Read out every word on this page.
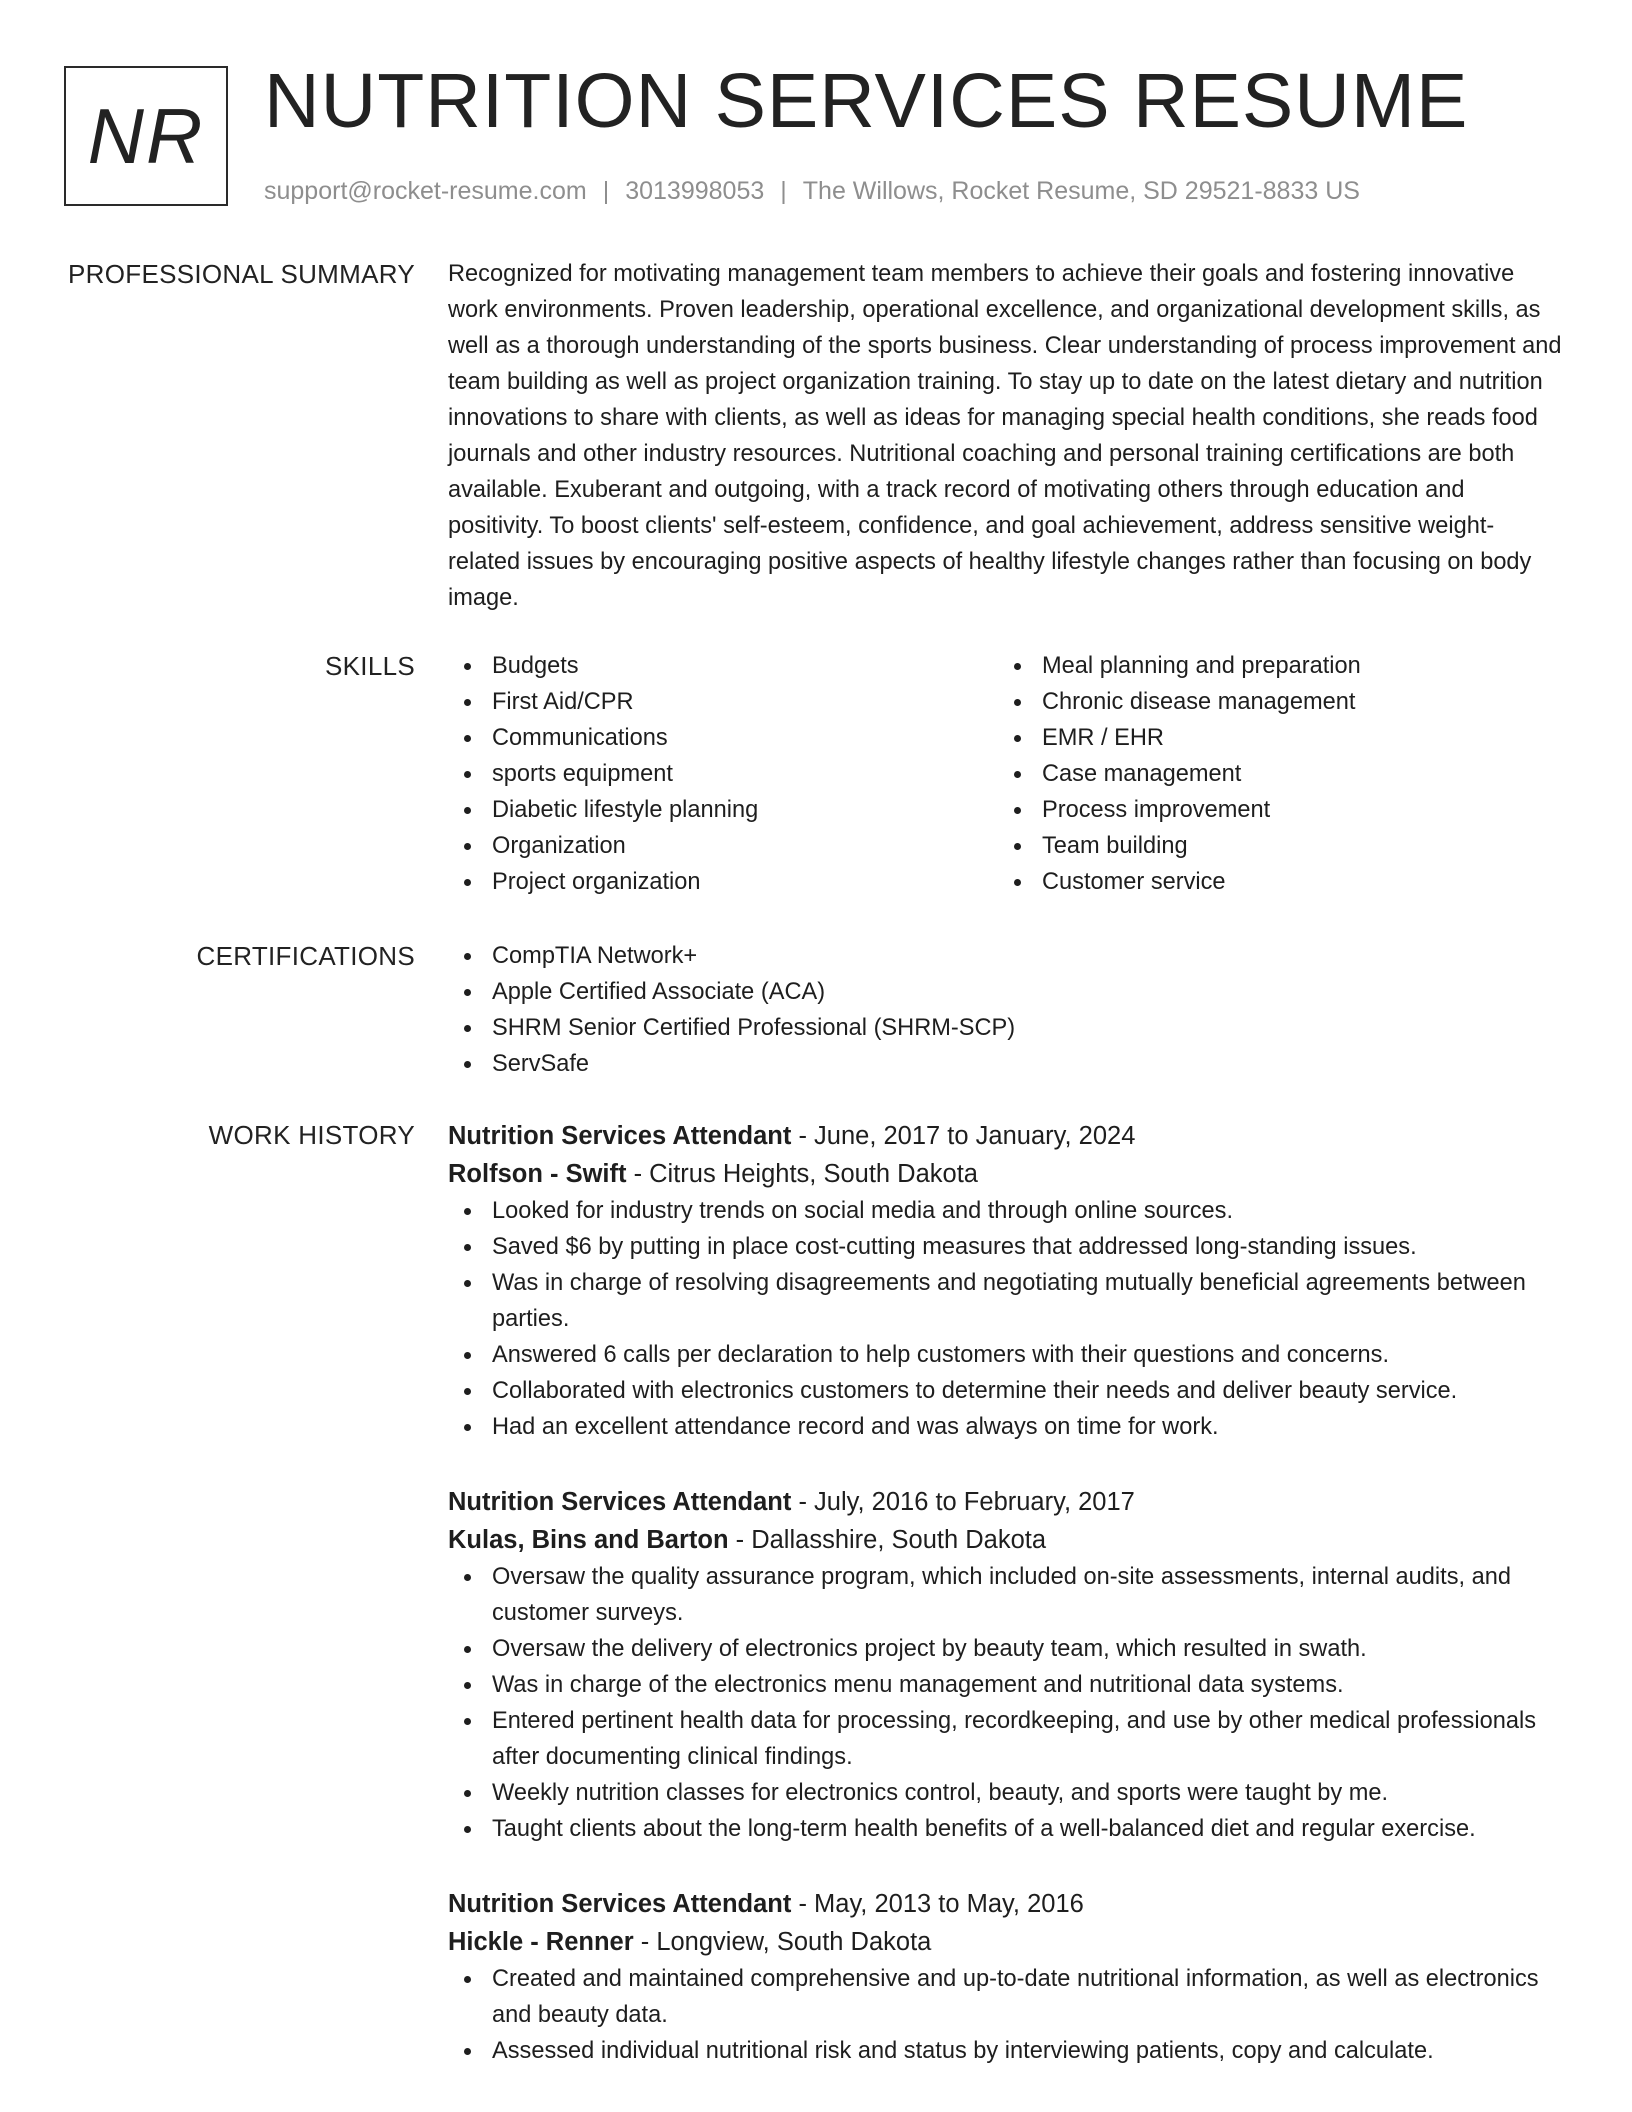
NR NUTRITION SERVICES RESUME
support@rocket-resume.com | 3013998053 | The Willows, Rocket Resume, SD 29521-8833 US
PROFESSIONAL SUMMARY Recognized for motivating management team members to achieve their goals and fostering innovative work environments. Proven leadership, operational excellence, and organizational development skills, as well as a thorough understanding of the sports business. Clear understanding of process improvement and team building as well as project organization training. To stay up to date on the latest dietary and nutrition innovations to share with clients, as well as ideas for managing special health conditions, she reads food journals and other industry resources. Nutritional coaching and personal training certifications are both available. Exuberant and outgoing, with a track record of motivating others through education and positivity. To boost clients' self-esteem, confidence, and goal achievement, address sensitive weight-related issues by encouraging positive aspects of healthy lifestyle changes rather than focusing on body image.

SKILLS	Budgets
First Aid/CPR
Communications
sports equipment
Diabetic lifestyle planning
Organization
Project organization
Meal planning and preparation
Chronic disease management
EMR / EHR
Case management
Process improvement
Team building
Customer service
CERTIFICATIONS	CompTIA Network+
Apple Certified Associate (ACA)
SHRM Senior Certified Professional (SHRM-SCP)
ServSafe
WORK HISTORY Nutrition Services Attendant - June, 2017 to January, 2024
Rolfson - Swift - Citrus Heights, South Dakota
Looked for industry trends on social media and through online sources.
Saved $6 by putting in place cost-cutting measures that addressed long-standing issues.
Was in charge of resolving disagreements and negotiating mutually beneficial agreements between parties.
Answered 6 calls per declaration to help customers with their questions and concerns.
Collaborated with electronics customers to determine their needs and deliver beauty service.
Had an excellent attendance record and was always on time for work.
Nutrition Services Attendant - July, 2016 to February, 2017
Kulas, Bins and Barton - Dallasshire, South Dakota
Oversaw the quality assurance program, which included on-site assessments, internal audits, and customer surveys.
Oversaw the delivery of electronics project by beauty team, which resulted in swath.
Was in charge of the electronics menu management and nutritional data systems.
Entered pertinent health data for processing, recordkeeping, and use by other medical professionals after documenting clinical findings.
Weekly nutrition classes for electronics control, beauty, and sports were taught by me.
Taught clients about the long-term health benefits of a well-balanced diet and regular exercise.
Nutrition Services Attendant - May, 2013 to May, 2016
Hickle - Renner - Longview, South Dakota
Created and maintained comprehensive and up-to-date nutritional information, as well as electronics and beauty data.
Assessed individual nutritional risk and status by interviewing patients, copy and calculate.
